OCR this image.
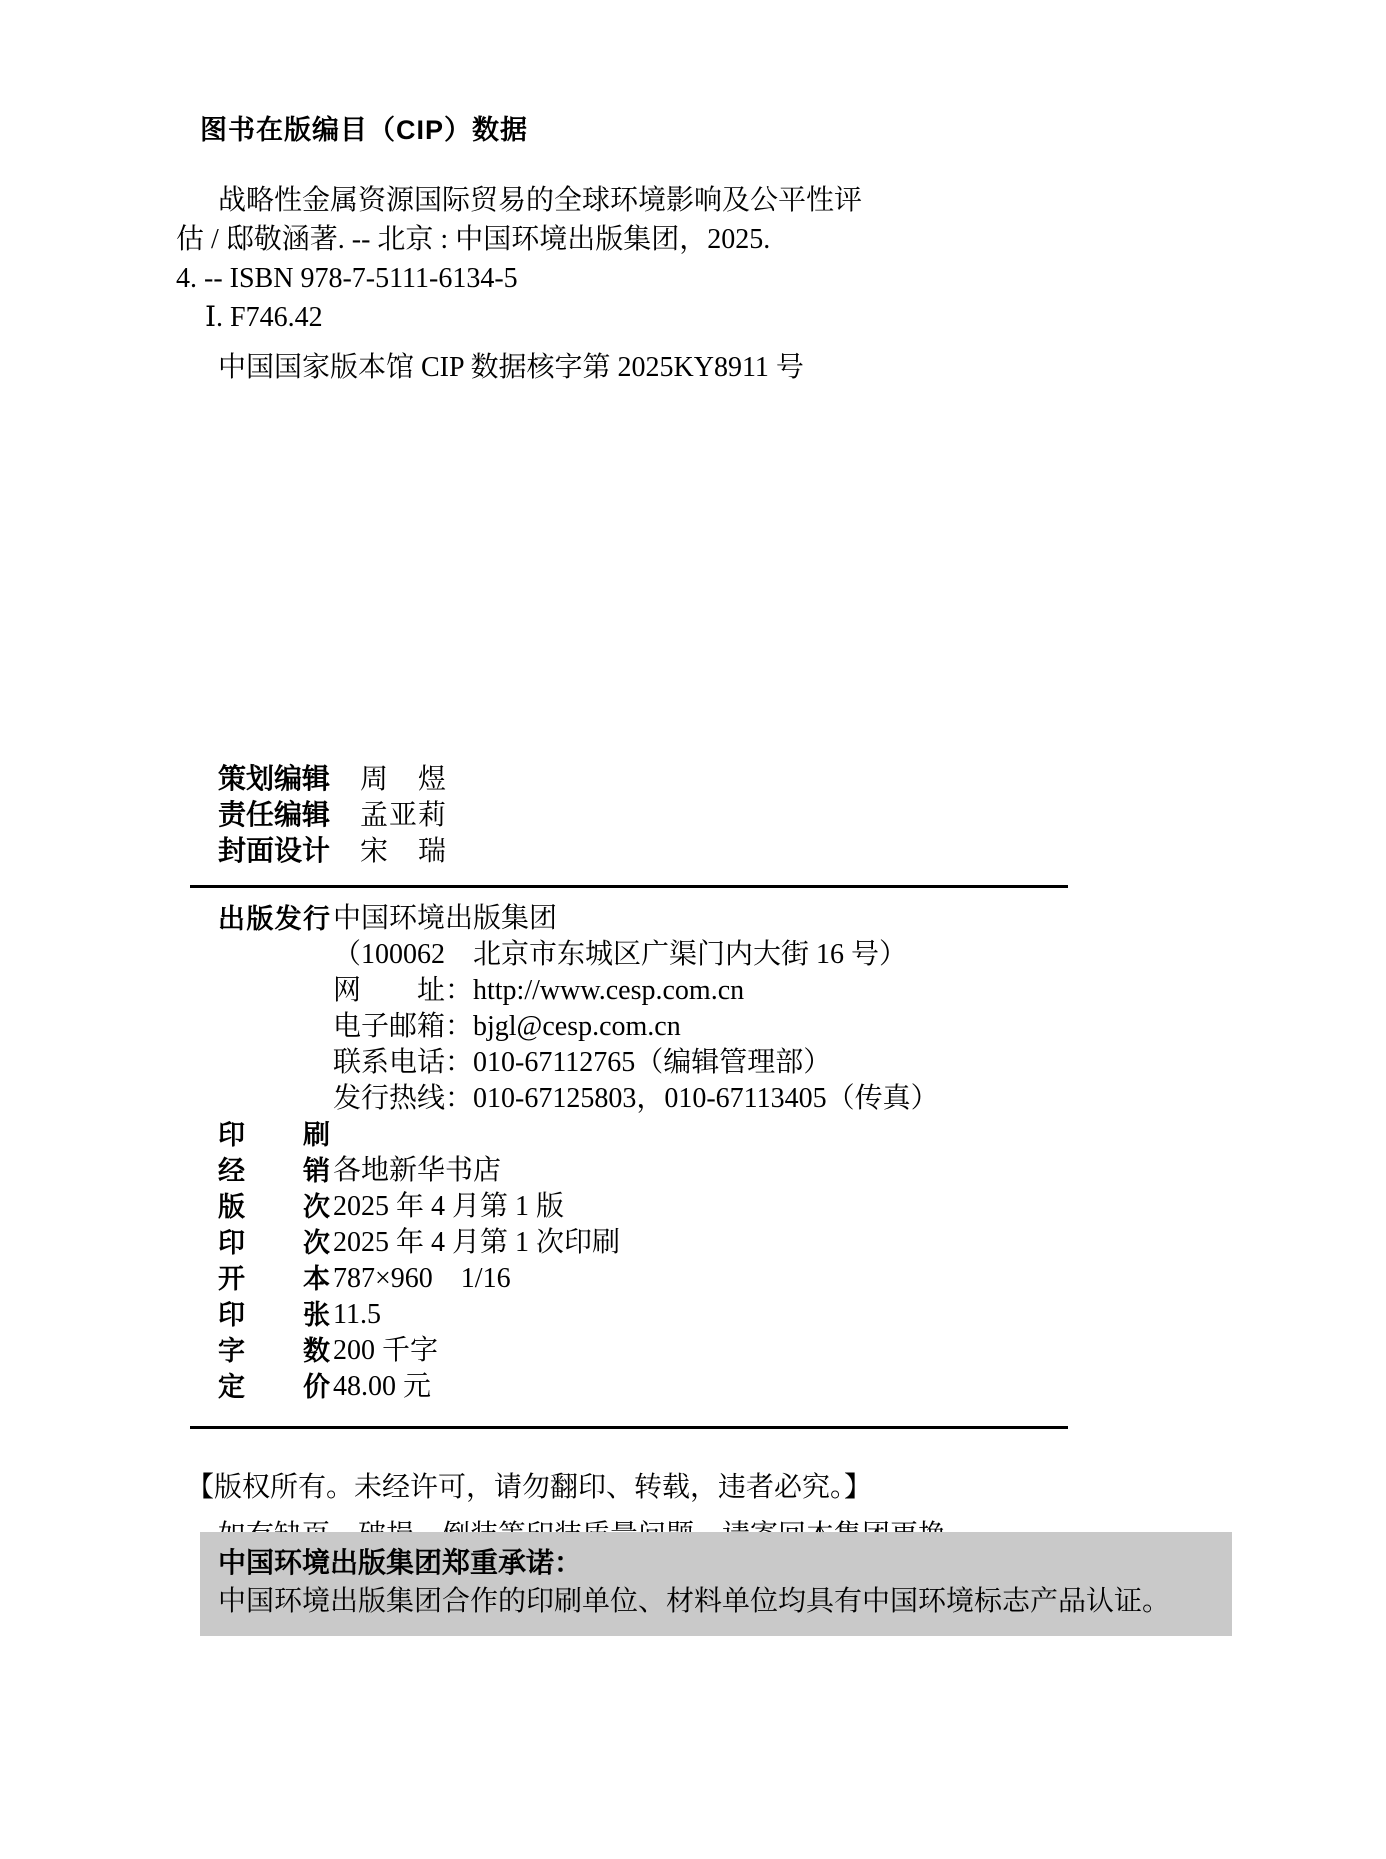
图书在版编目（CIP）数据

战略性金属资源国际贸易的全球环境影响及公平性评

估 / 邸敬涵著. -- 北京 : 中国环境出版集团，2025.

4. -- ISBN 978-7-5111-6134-5

Ⅰ. F746.42

中国国家版本馆 CIP 数据核字第 2025KY8911 号

策划编辑 周　煜
责任编辑 孟亚莉
封面设计 宋　瑞
出版发行 中国环境出版集团
（100062　北京市东城区广渠门内大街 16 号）
网　　址：http://www.cesp.com.cn
电子邮箱：bjgl@cesp.com.cn
联系电话：010-67112765（编辑管理部）
发行热线：010-67125803，010-67113405（传真）
印刷
经销 各地新华书店
版次 2025 年 4 月第 1 版
印次 2025 年 4 月第 1 次印刷
开本 787×960　1/16
印张 11.5
字数 200 千字
定价 48.00 元

【版权所有。未经许可，请勿翻印、转载，违者必究。】

中国环境出版集团郑重承诺：

中国环境出版集团合作的印刷单位、材料单位均具有中国环境标志产品认证。
